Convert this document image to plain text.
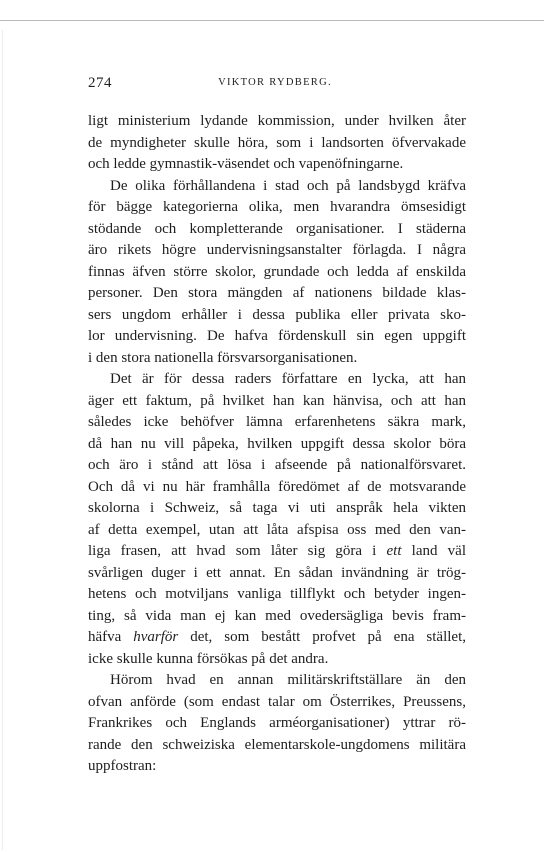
274	VIKTOR RYDBERG.
ligt ministerium lydande kommission, under hvilken åter
de myndigheter skulle höra, som i landsorten öfvervakade
och ledde gymnastik-väsendet och vapenöfningarne.
De olika förhållandena i stad och på landsbygd kräfva
för bägge kategorierna olika, men hvarandra ömsesidigt
stödande och kompletterande organisationer. I städerna
äro rikets högre undervisningsanstalter förlagda. I några
finnas äfven större skolor, grundade och ledda af enskilda
personer. Den stora mängden af nationens bildade klas-
sers ungdom erhåller i dessa publika eller privata sko-
lor undervisning. De hafva fördenskull sin egen uppgift
i den stora nationella försvarsorganisationen.
Det är för dessa raders författare en lycka, att han
äger ett faktum, på hvilket han kan hänvisa, och att han
således icke behöfver lämna erfarenhetens säkra mark,
då han nu vill påpeka, hvilken uppgift dessa skolor böra
och äro i stånd att lösa i afseende på nationalförsvaret.
Och då vi nu här framhålla föredömet af de motsvarande
skolorna i Schweiz, så taga vi uti anspråk hela vikten
af detta exempel, utan att låta afspisa oss med den van-
liga frasen, att hvad som låter sig göra i ett land väl
svårligen duger i ett annat. En sådan invändning är trög-
hetens och motviljans vanliga tillflykt och betyder ingen-
ting, så vida man ej kan med ovedersägliga bevis fram-
häfva hvarför det, som bestått profvet på ena stället,
icke skulle kunna försökas på det andra.
Hörom hvad en annan militärskriftställare än den
ofvan anförde (som endast talar om Österrikes, Preussens,
Frankrikes och Englands arméorganisationer) yttrar rö-
rande den schweiziska elementarskole-ungdomens militära
uppfostran:
